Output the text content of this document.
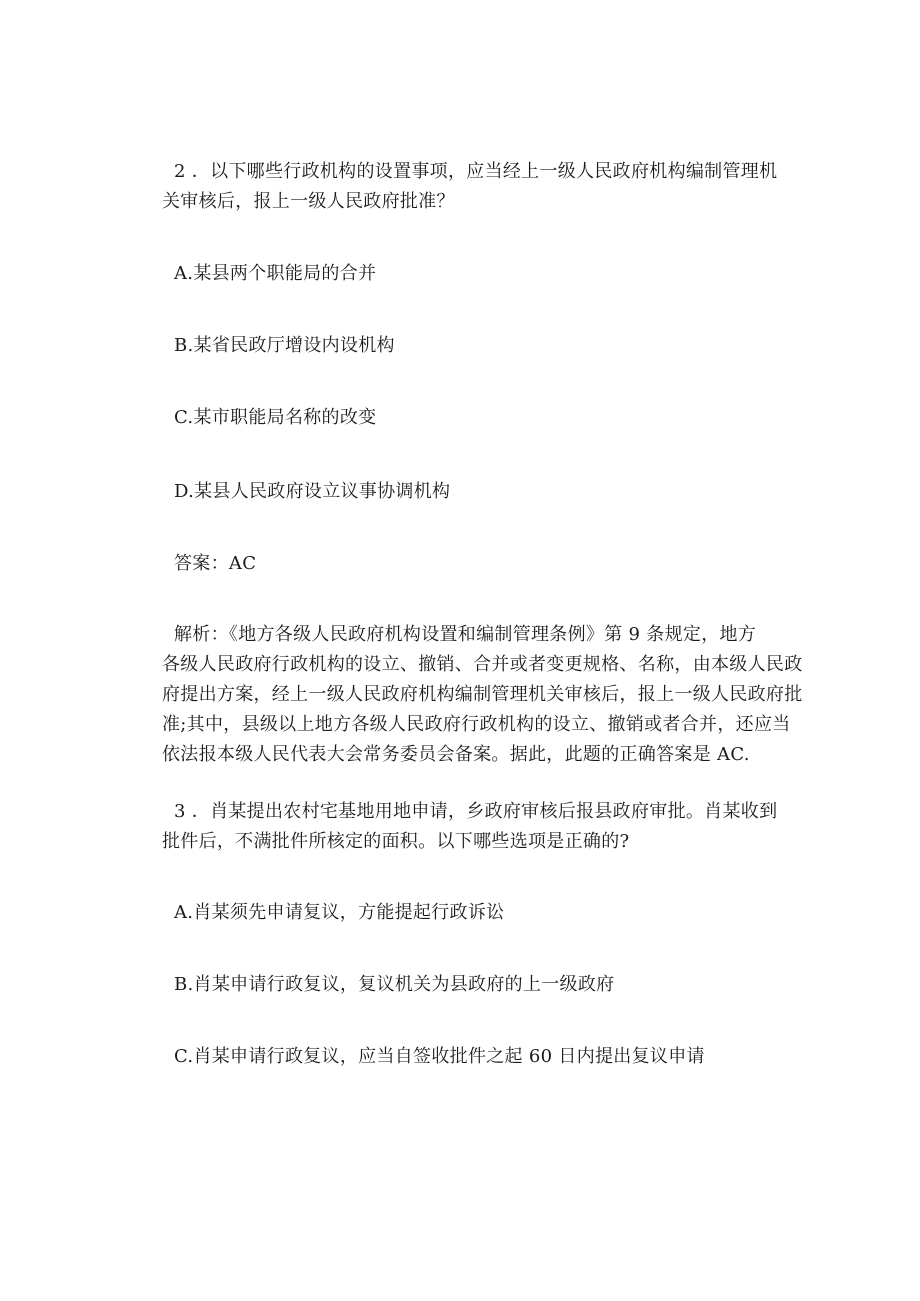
2 ．以下哪些行政机构的设置事项，应当经上一级人民政府机构编制管理机
关审核后，报上一级人民政府批准？

A.某县两个职能局的合并

B.某省民政厅增设内设机构

C.某市职能局名称的改变

D.某县人民政府设立议事协调机构

答案：AC

解析：《地方各级人民政府机构设置和编制管理条例》第 9 条规定，地方
各级人民政府行政机构的设立、撤销、合并或者变更规格、名称，由本级人民政
府提出方案，经上一级人民政府机构编制管理机关审核后，报上一级人民政府批
准;其中，县级以上地方各级人民政府行政机构的设立、撤销或者合并，还应当
依法报本级人民代表大会常务委员会备案。据此，此题的正确答案是 AC.
3 ．肖某提出农村宅基地用地申请，乡政府审核后报县政府审批。肖某收到
批件后，不满批件所核定的面积。以下哪些选项是正确的?

A.肖某须先申请复议，方能提起行政诉讼

B.肖某申请行政复议，复议机关为县政府的上一级政府

C.肖某申请行政复议，应当自签收批件之起 60 日内提出复议申请
